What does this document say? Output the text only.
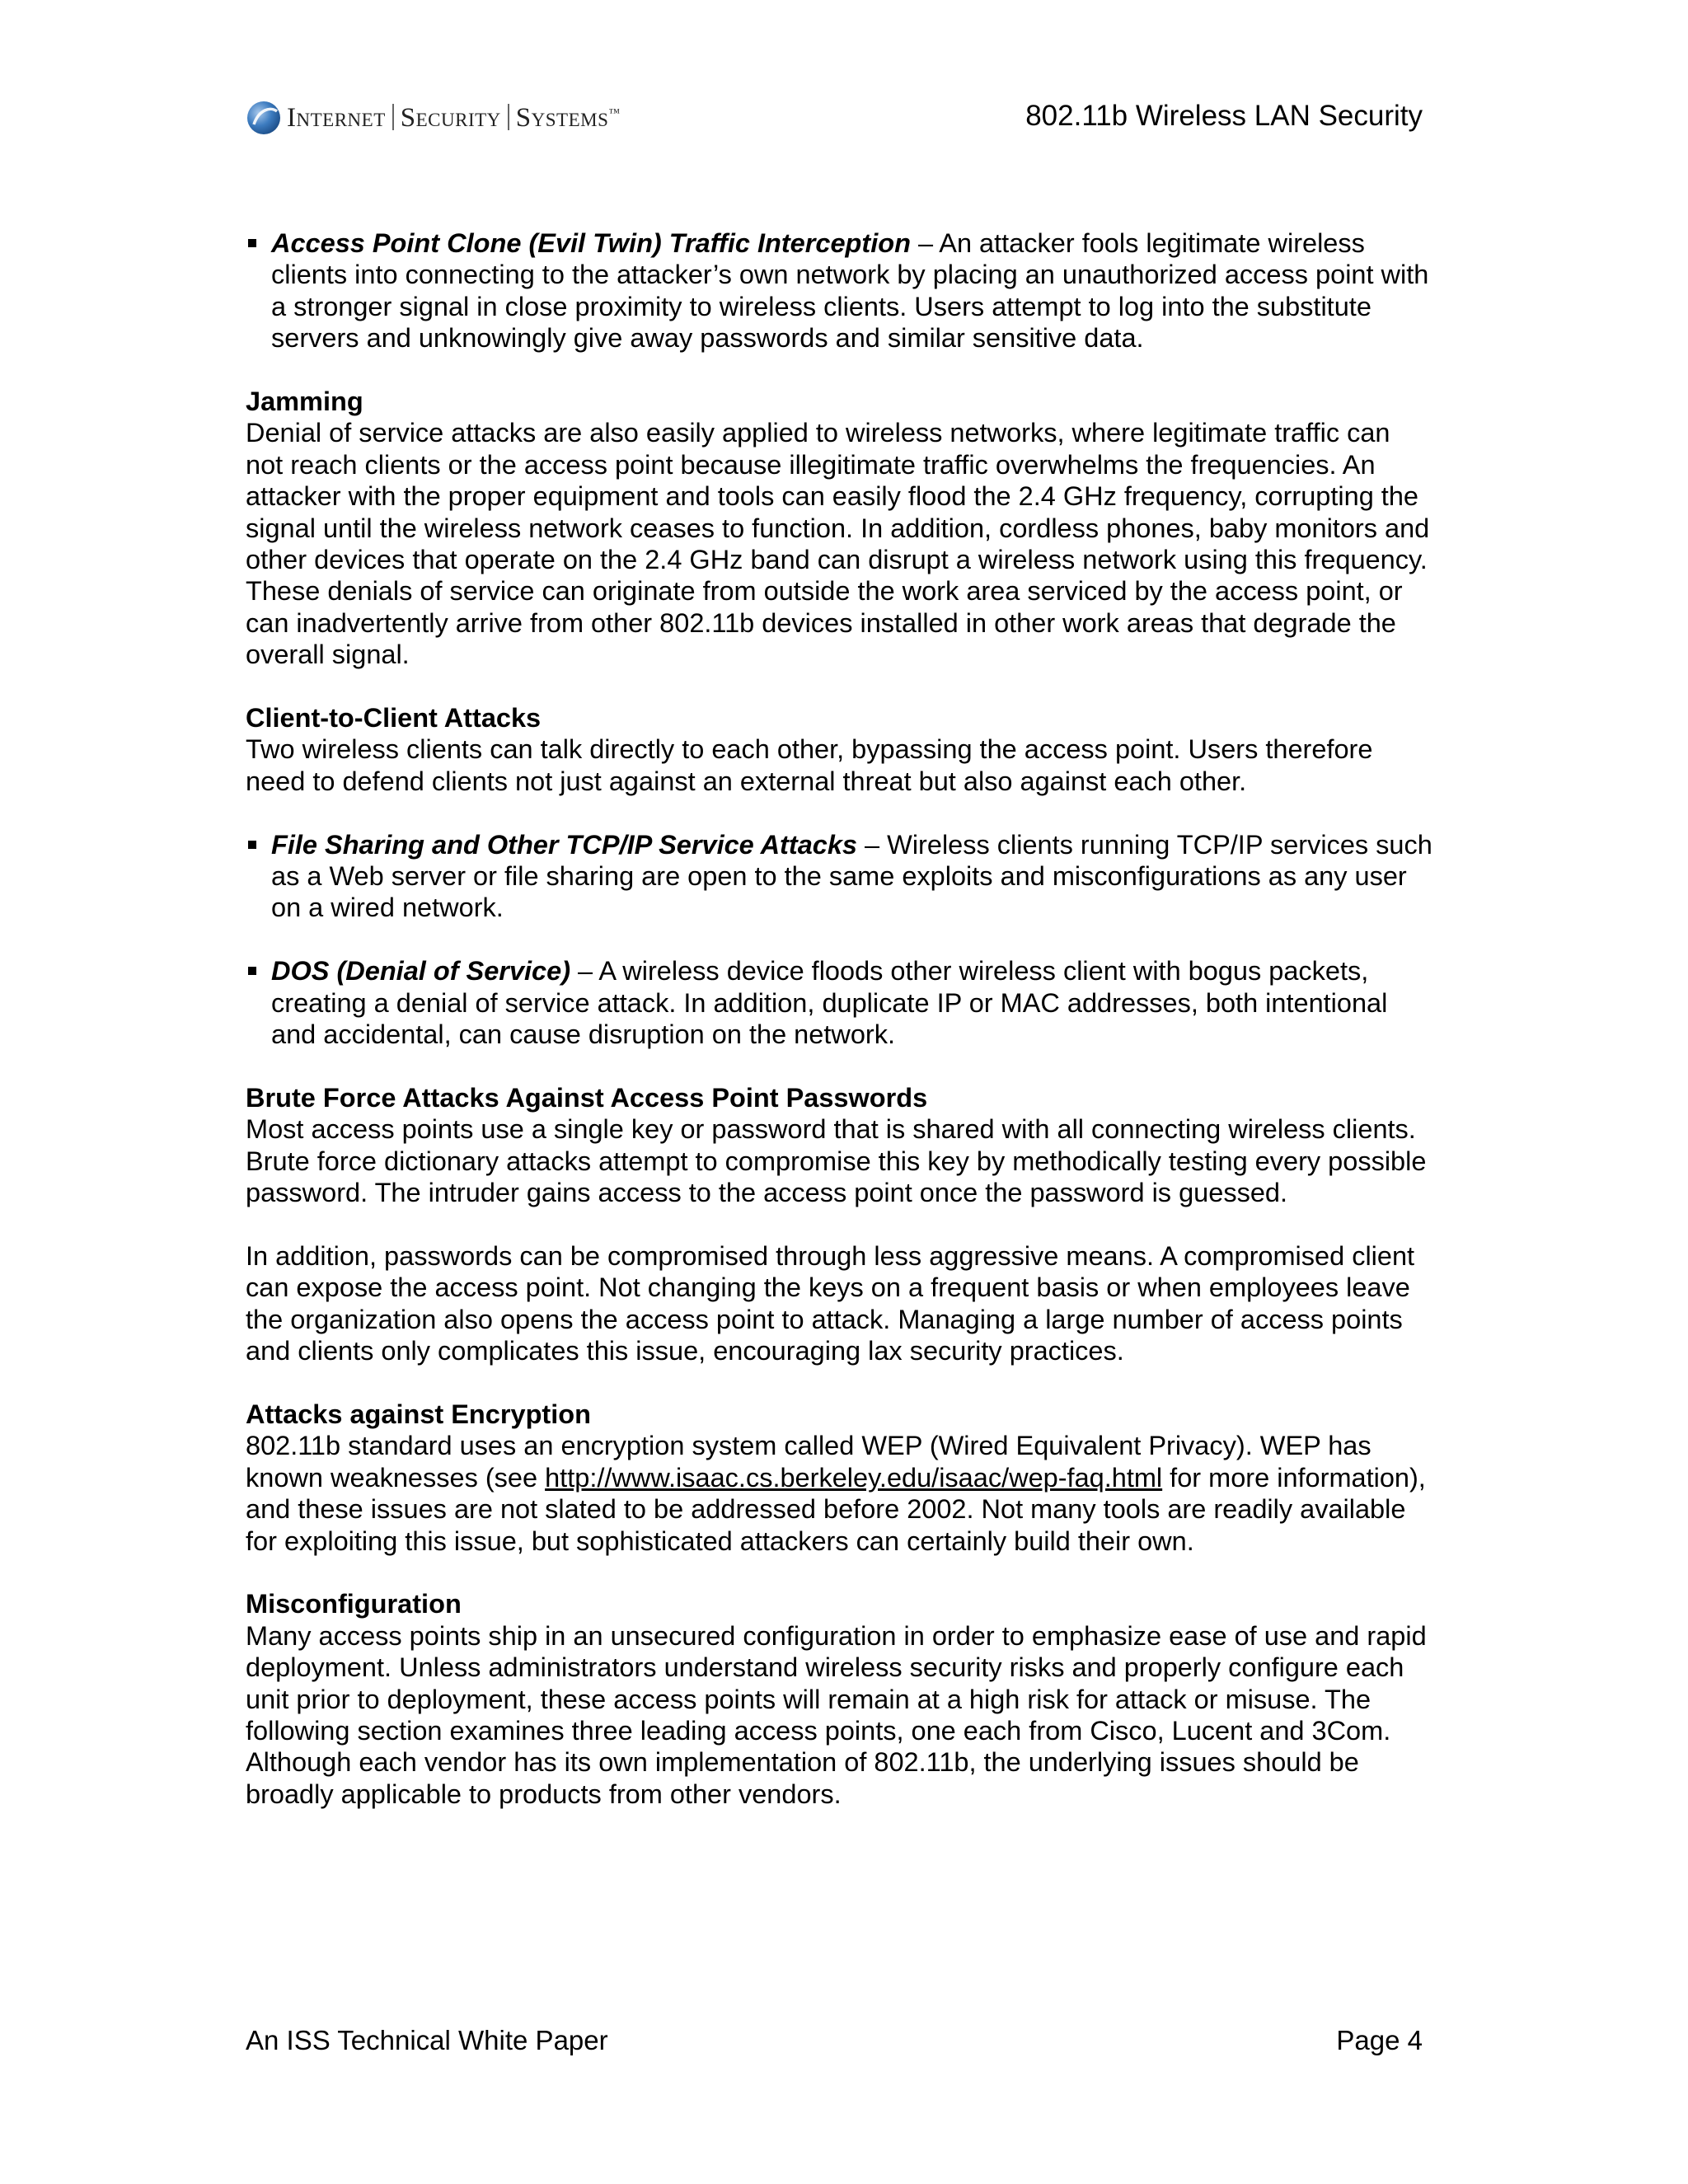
Internet Security Systems™	802.11b Wireless LAN Security

Access Point Clone (Evil Twin) Traffic Interception – An attacker fools legitimate wireless clients into connecting to the attacker’s own network by placing an unauthorized access point with a stronger signal in close proximity to wireless clients. Users attempt to log into the substitute servers and unknowingly give away passwords and similar sensitive data.

Jamming

Denial of service attacks are also easily applied to wireless networks, where legitimate traffic can not reach clients or the access point because illegitimate traffic overwhelms the frequencies. An attacker with the proper equipment and tools can easily flood the 2.4 GHz frequency, corrupting the signal until the wireless network ceases to function. In addition, cordless phones, baby monitors and other devices that operate on the 2.4 GHz band can disrupt a wireless network using this frequency. These denials of service can originate from outside the work area serviced by the access point, or can inadvertently arrive from other 802.11b devices installed in other work areas that degrade the overall signal.

Client-to-Client Attacks

Two wireless clients can talk directly to each other, bypassing the access point. Users therefore need to defend clients not just against an external threat but also against each other.

File Sharing and Other TCP/IP Service Attacks – Wireless clients running TCP/IP services such as a Web server or file sharing are open to the same exploits and misconfigurations as any user on a wired network.

DOS (Denial of Service) – A wireless device floods other wireless client with bogus packets, creating a denial of service attack. In addition, duplicate IP or MAC addresses, both intentional and accidental, can cause disruption on the network.

Brute Force Attacks Against Access Point Passwords

Most access points use a single key or password that is shared with all connecting wireless clients. Brute force dictionary attacks attempt to compromise this key by methodically testing every possible password. The intruder gains access to the access point once the password is guessed.

In addition, passwords can be compromised through less aggressive means. A compromised client can expose the access point. Not changing the keys on a frequent basis or when employees leave the organization also opens the access point to attack. Managing a large number of access points and clients only complicates this issue, encouraging lax security practices.

Attacks against Encryption

802.11b standard uses an encryption system called WEP (Wired Equivalent Privacy). WEP has known weaknesses (see http://www.isaac.cs.berkeley.edu/isaac/wep-faq.html for more information), and these issues are not slated to be addressed before 2002. Not many tools are readily available for exploiting this issue, but sophisticated attackers can certainly build their own.

Misconfiguration

Many access points ship in an unsecured configuration in order to emphasize ease of use and rapid deployment. Unless administrators understand wireless security risks and properly configure each unit prior to deployment, these access points will remain at a high risk for attack or misuse. The following section examines three leading access points, one each from Cisco, Lucent and 3Com. Although each vendor has its own implementation of 802.11b, the underlying issues should be broadly applicable to products from other vendors.

An ISS Technical White Paper	Page 4
